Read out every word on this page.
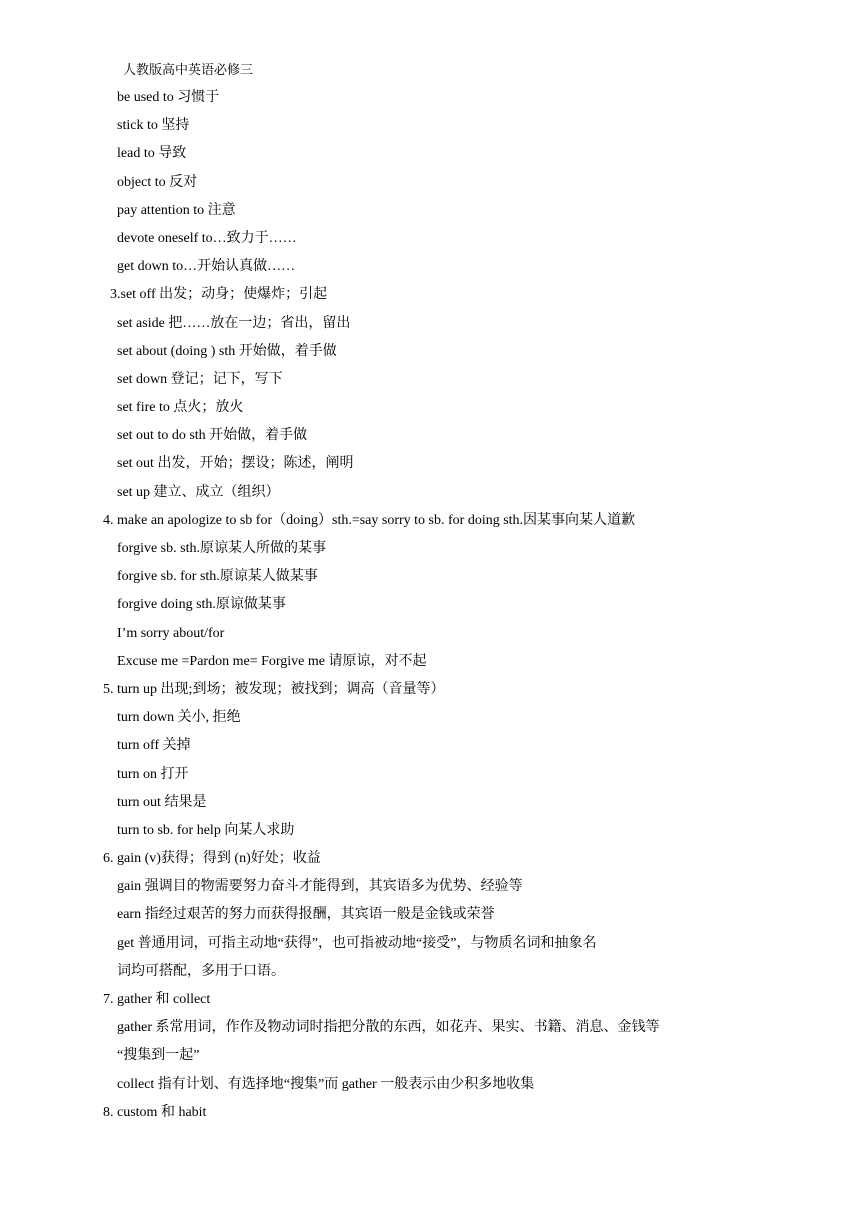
人教版高中英语必修三
be used to 习惯于
stick to 坚持
lead to 导致
object to 反对
pay attention to 注意
devote oneself to…致力于……
get down to…开始认真做……
3.set off 出发；动身；使爆炸；引起
set aside 把……放在一边；省出，留出
set about (doing ) sth 开始做，着手做
set down 登记；记下，写下
set fire to 点火；放火
set out to do sth 开始做，着手做
set out 出发，开始；摆设；陈述，阐明
set up 建立、成立（组织）
4. make an apologize to sb for（doing）sth.=say sorry to sb. for doing sth.因某事向某人道歉
forgive sb. sth.原谅某人所做的某事
forgive sb. for sth.原谅某人做某事
forgive doing sth.原谅做某事
I’m sorry about/for
Excuse me =Pardon me= Forgive me 请原谅，对不起
5. turn up 出现;到场；被发现；被找到；调高（音量等）
turn down 关小, 拒绝
turn off 关掉
turn on 打开
turn out 结果是
turn to sb. for help 向某人求助
6. gain (v)获得；得到 (n)好处；收益
gain 强调目的物需要努力奋斗才能得到，其宾语多为优势、经验等
earn 指经过艰苦的努力而获得报酬，其宾语一般是金钱或荣誉
get 普通用词，可指主动地“获得”，也可指被动地“接受”，与物质名词和抽象名
词均可搭配，多用于口语。
7. gather 和 collect
gather 系常用词，作作及物动词时指把分散的东西，如花卉、果实、书籍、消息、金钱等
“搜集到一起”
collect 指有计划、有选择地“搜集”而 gather 一般表示由少积多地收集
8. custom 和 habit
